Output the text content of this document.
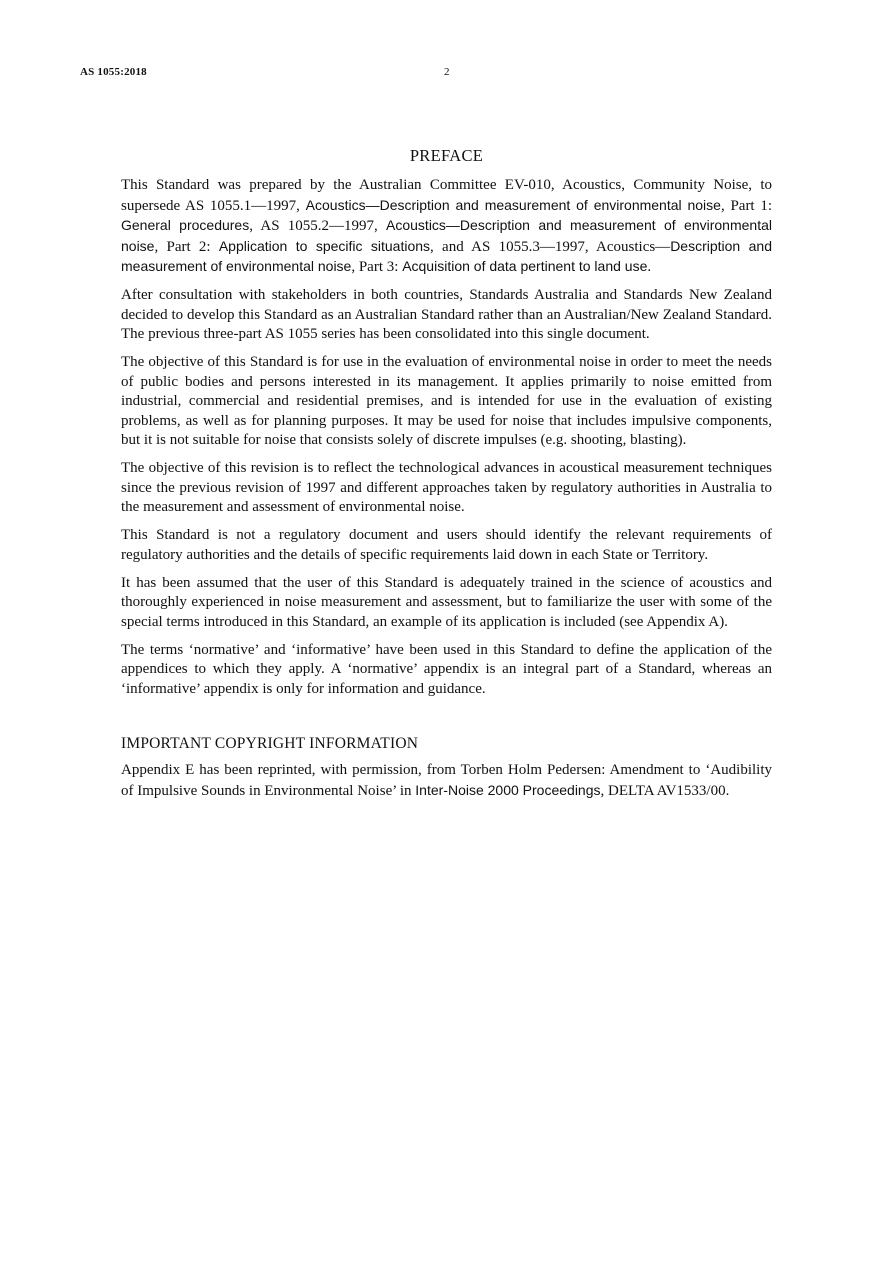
AS 1055:2018	2
PREFACE

This Standard was prepared by the Australian Committee EV-010, Acoustics, Community Noise, to supersede AS 1055.1—1997, Acoustics—Description and measurement of environmental noise, Part 1: General procedures, AS 1055.2—1997, Acoustics—Description and measurement of environmental noise, Part 2: Application to specific situations, and AS 1055.3—1997, Acoustics—Description and measurement of environmental noise, Part 3: Acquisition of data pertinent to land use.

After consultation with stakeholders in both countries, Standards Australia and Standards New Zealand decided to develop this Standard as an Australian Standard rather than an Australian/New Zealand Standard. The previous three-part AS 1055 series has been consolidated into this single document.

The objective of this Standard is for use in the evaluation of environmental noise in order to meet the needs of public bodies and persons interested in its management. It applies primarily to noise emitted from industrial, commercial and residential premises, and is intended for use in the evaluation of existing problems, as well as for planning purposes. It may be used for noise that includes impulsive components, but it is not suitable for noise that consists solely of discrete impulses (e.g. shooting, blasting).

The objective of this revision is to reflect the technological advances in acoustical measurement techniques since the previous revision of 1997 and different approaches taken by regulatory authorities in Australia to the measurement and assessment of environmental noise.

This Standard is not a regulatory document and users should identify the relevant requirements of regulatory authorities and the details of specific requirements laid down in each State or Territory.

It has been assumed that the user of this Standard is adequately trained in the science of acoustics and thoroughly experienced in noise measurement and assessment, but to familiarize the user with some of the special terms introduced in this Standard, an example of its application is included (see Appendix A).

The terms ‘normative’ and ‘informative’ have been used in this Standard to define the application of the appendices to which they apply. A ‘normative’ appendix is an integral part of a Standard, whereas an ‘informative’ appendix is only for information and guidance.

IMPORTANT COPYRIGHT INFORMATION

Appendix E has been reprinted, with permission, from Torben Holm Pedersen: Amendment to ‘Audibility of Impulsive Sounds in Environmental Noise’ in Inter-Noise 2000 Proceedings, DELTA AV1533/00.
